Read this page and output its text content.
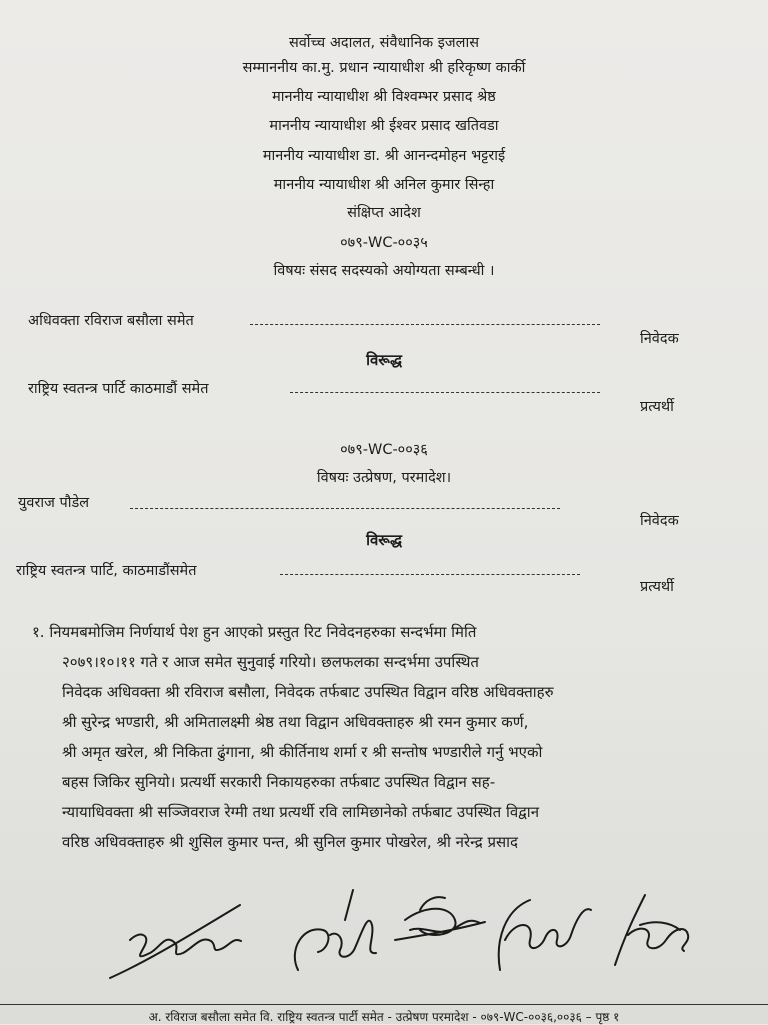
सर्वोच्च अदालत, संवैधानिक इजलास
सम्माननीय का.मु. प्रधान न्यायाधीश श्री हरिकृष्ण कार्की
माननीय न्यायाधीश श्री विश्वम्भर प्रसाद श्रेष्ठ
माननीय न्यायाधीश श्री ईश्वर प्रसाद खतिवडा
माननीय न्यायाधीश डा. श्री आनन्दमोहन भट्टराई
माननीय न्यायाधीश श्री अनिल कुमार सिन्हा
संक्षिप्त आदेश
०७९-WC-००३५
विषयः संसद सदस्यको अयोग्यता सम्बन्धी ।
अधिवक्ता रविराज बसौला समेत
निवेदक
विरूद्ध
राष्ट्रिय स्वतन्त्र पार्टि काठमाडौं समेत
प्रत्यर्थी
०७९-WC-००३६
विषयः उत्प्रेषण, परमादेश।
युवराज पौडेल
निवेदक
विरूद्ध
राष्ट्रिय स्वतन्त्र पार्टि, काठमाडौंसमेत
प्रत्यर्थी
१. नियमबमोजिम निर्णयार्थ पेश हुन आएको प्रस्तुत रिट निवेदनहरुका सन्दर्भमा मिति
२०७९।१०।११ गते र आज समेत सुनुवाई गरियो। छलफलका सन्दर्भमा उपस्थित
निवेदक अधिवक्ता श्री रविराज बसौला, निवेदक तर्फबाट उपस्थित विद्वान वरिष्ठ अधिवक्ताहरु
श्री सुरेन्द्र भण्डारी, श्री अमितालक्ष्मी श्रेष्ठ तथा विद्वान अधिवक्ताहरु श्री रमन कुमार कर्ण,
श्री अमृत खरेल, श्री निकिता ढुंगाना, श्री कीर्तिनाथ शर्मा र श्री सन्तोष भण्डारीले गर्नु भएको
बहस जिकिर सुनियो। प्रत्यर्थी सरकारी निकायहरुका तर्फबाट उपस्थित विद्वान सह-
न्यायाधिवक्ता श्री सञ्जिवराज रेग्मी तथा प्रत्यर्थी रवि लामिछानेको तर्फबाट उपस्थित विद्वान
वरिष्ठ अधिवक्ताहरु श्री शुसिल कुमार पन्त, श्री सुनिल कुमार पोखरेल, श्री नरेन्द्र प्रसाद
अ. रविराज बसौला समेत वि. राष्ट्रिय स्वतन्त्र पार्टी समेत - उत्प्रेषण परमादेश - ०७९-WC-००३६,००३६ – पृष्ठ १
